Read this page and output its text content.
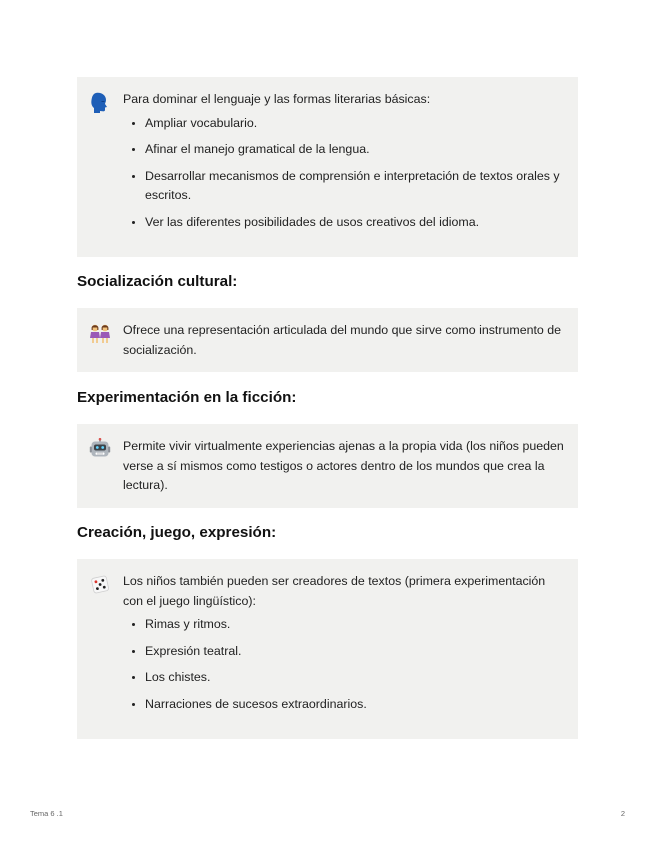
Para dominar el lenguaje y las formas literarias básicas:

• Ampliar vocabulario.
• Afinar el manejo gramatical de la lengua.
• Desarrollar mecanismos de comprensión e interpretación de textos orales y escritos.
• Ver las diferentes posibilidades de usos creativos del idioma.
Socialización cultural:

Ofrece una representación articulada del mundo que sirve como instrumento de socialización.

Experimentación en la ficción:

Permite vivir virtualmente experiencias ajenas a la propia vida (los niños pueden verse a sí mismos como testigos o actores dentro de los mundos que crea la lectura).

Creación, juego, expresión:

Los niños también pueden ser creadores de textos (primera experimentación con el juego lingüístico):

• Rimas y ritmos.
• Expresión teatral.
• Los chistes.
• Narraciones de sucesos extraordinarios.
Tema 6 .1	2
